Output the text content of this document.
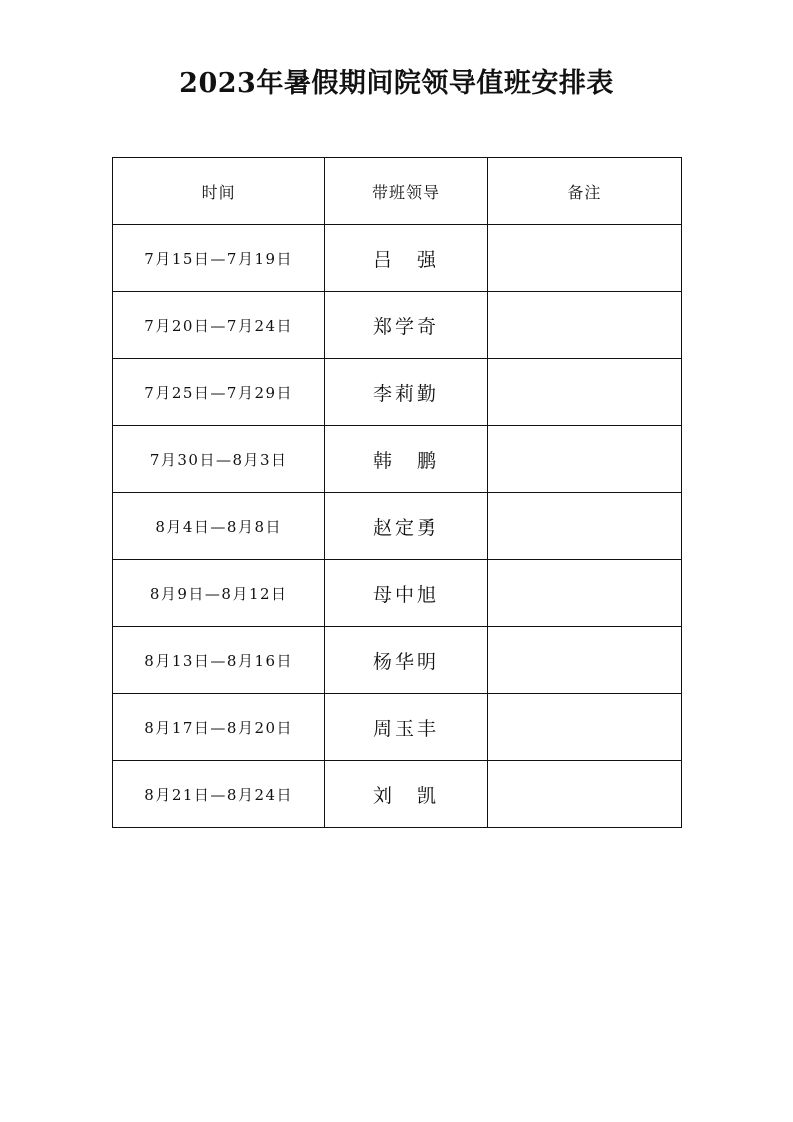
2023年暑假期间院领导值班安排表
时间	带班领导	备注
7月15日—7月19日	吕　强	
7月20日—7月24日	郑学奇	
7月25日—7月29日	李莉勤	
7月30日—8月3日	韩　鹏	
8月4日—8月8日	赵定勇	
8月9日—8月12日	母中旭	
8月13日—8月16日	杨华明	
8月17日—8月20日	周玉丰	
8月21日—8月24日	刘　凯	
